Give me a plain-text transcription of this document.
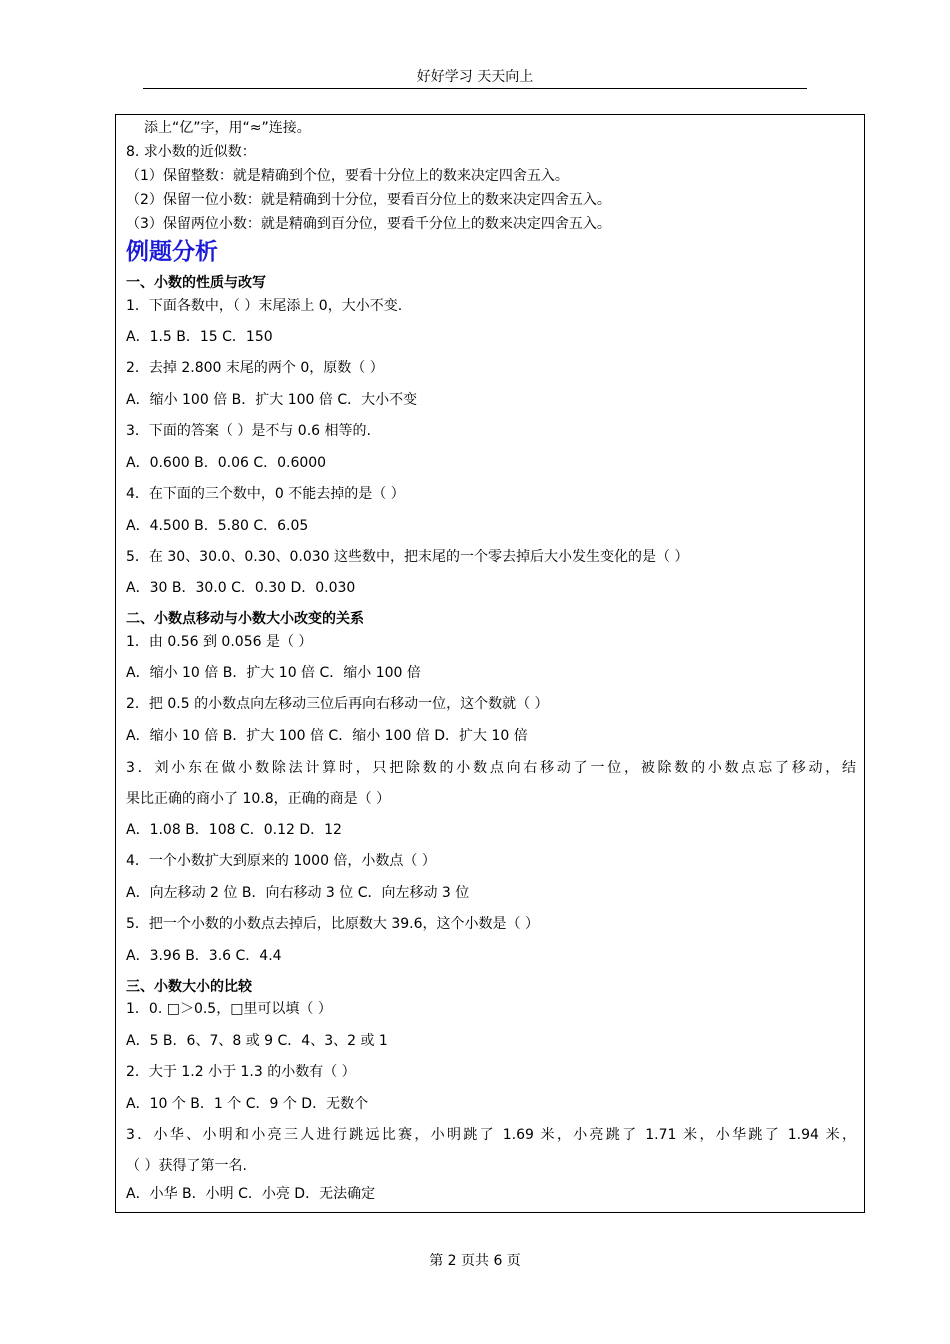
好好学习 天天向上
添上“亿”字，用“≈”连接。
8. 求小数的近似数：
（1）保留整数：就是精确到个位，要看十分位上的数来决定四舍五入。
（2）保留一位小数：就是精确到十分位，要看百分位上的数来决定四舍五入。
（3）保留两位小数：就是精确到百分位，要看千分位上的数来决定四舍五入。
例题分析
一、小数的性质与改写
1．下面各数中，（ ）末尾添上 0，大小不变.
A．1.5 B．15 C．150
2．去掉 2.800 末尾的两个 0，原数（ ）
A．缩小 100 倍 B．扩大 100 倍 C．大小不变
3．下面的答案（ ）是不与 0.6 相等的.
A．0.600 B．0.06 C．0.6000
4．在下面的三个数中，0 不能去掉的是（ ）
A．4.500 B．5.80 C．6.05
5．在 30、30.0、0.30、0.030 这些数中，把末尾的一个零去掉后大小发生变化的是（ ）
A．30 B．30.0 C．0.30 D．0.030
二、小数点移动与小数大小改变的关系
1．由 0.56 到 0.056 是（ ）
A．缩小 10 倍 B．扩大 10 倍 C．缩小 100 倍
2．把 0.5 的小数点向左移动三位后再向右移动一位，这个数就（ ）
A．缩小 10 倍 B．扩大 100 倍 C．缩小 100 倍 D．扩大 10 倍
3．刘小东在做小数除法计算时，只把除数的小数点向右移动了一位，被除数的小数点忘了移动，结
果比正确的商小了 10.8，正确的商是（ ）
A．1.08 B．108 C．0.12 D．12
4．一个小数扩大到原来的 1000 倍，小数点（ ）
A．向左移动 2 位 B．向右移动 3 位 C．向左移动 3 位
5．把一个小数的小数点去掉后，比原数大 39.6，这个小数是（ ）
A．3.96 B．3.6 C．4.4
三、小数大小的比较
1．0. □＞0.5，□里可以填（ ）
A．5 B．6、7、8 或 9 C．4、3、2 或 1
2．大于 1.2 小于 1.3 的小数有（ ）
A．10 个 B．1 个 C．9 个 D．无数个
3．小华、小明和小亮三人进行跳远比赛，小明跳了 1.69 米，小亮跳了 1.71 米，小华跳了 1.94 米，
（ ）获得了第一名.
A．小华 B．小明 C．小亮 D．无法确定
第 2 页共 6 页
